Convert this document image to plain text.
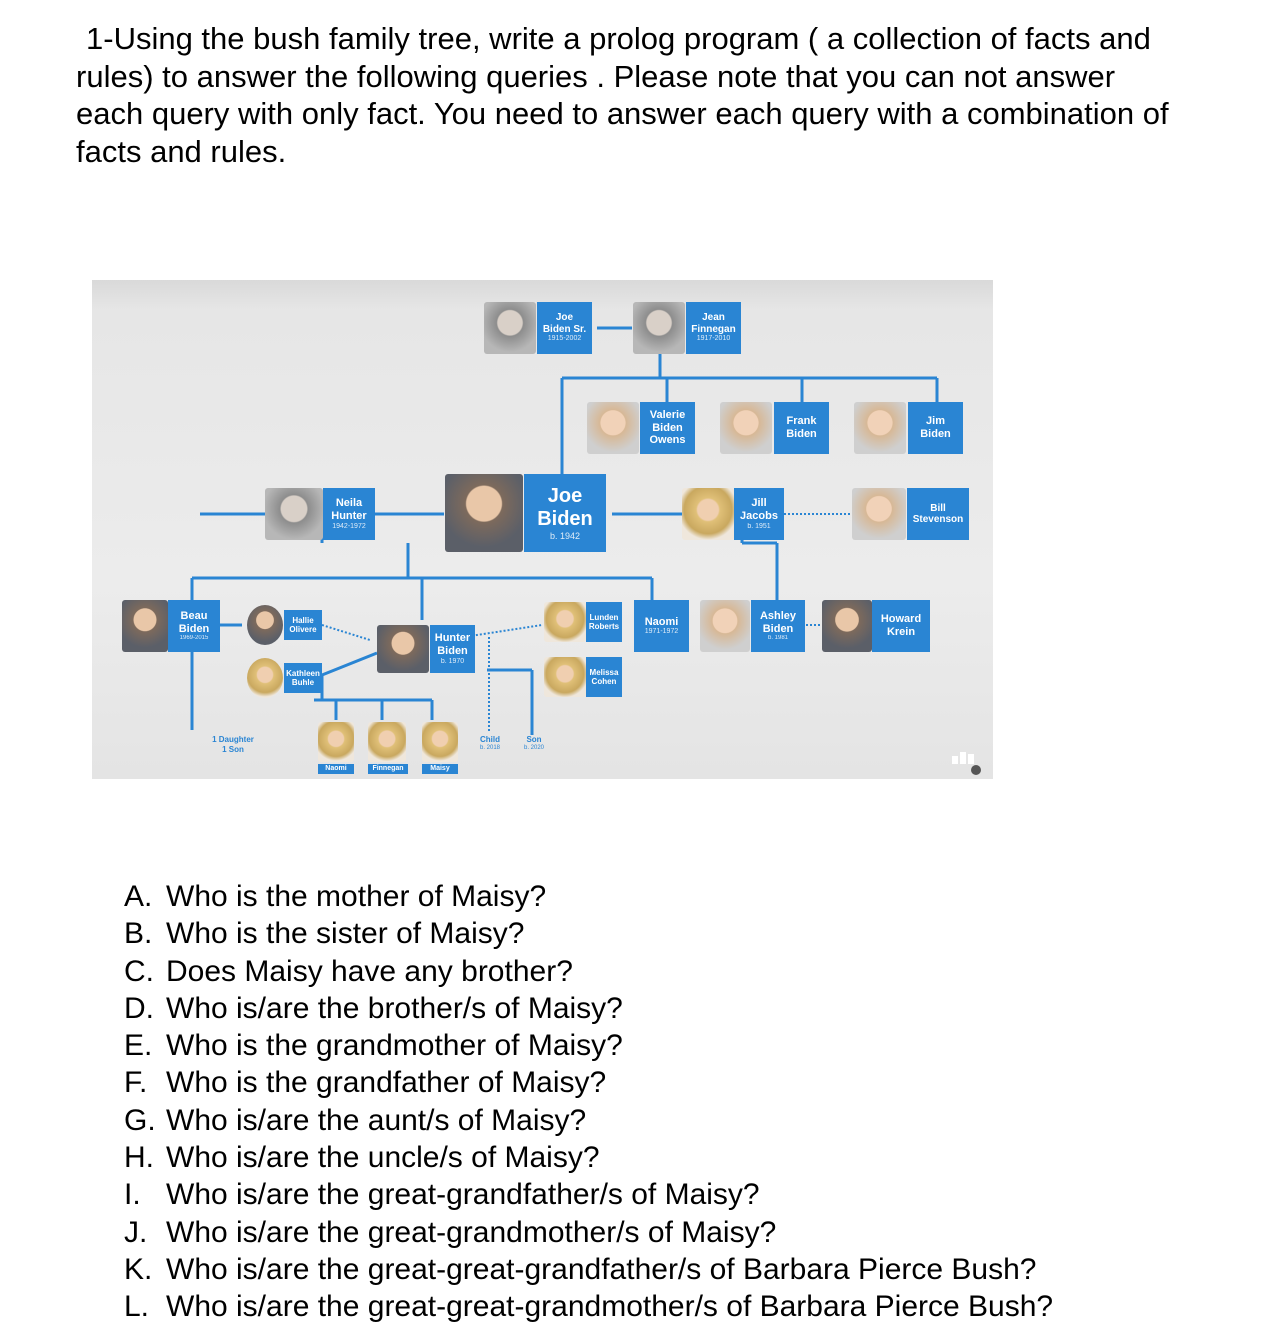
1-Using the bush family tree, write a prolog program ( a collection of facts and
rules) to answer the following queries . Please note that you can not answer
each query with only fact. You need to answer each query with a combination of
facts and rules.
Joe
Biden Sr.
1915-2002
Jean
Finnegan
1917-2010
Valerie
Biden
Owens
Frank
Biden
Jim
Biden
Neila
Hunter
1942-1972
Joe
Biden
b. 1942
Jill
Jacobs
b. 1951
Bill
Stevenson
Beau
Biden
1969-2015
Hallie
Olivere
Kathleen
Buhle
Hunter
Biden
b. 1970
Lunden
Roberts
Melissa
Cohen
Naomi
1971-1972
Ashley
Biden
b. 1981
Howard
Krein
1 Daughter
1 Son
Naomi	Finnegan	Maisy
Child
b. 2018
Son
b. 2020
A. Who is the mother of Maisy?
B. Who is the sister of Maisy?
C. Does Maisy have any brother?
D. Who is/are the brother/s of Maisy?
E. Who is the grandmother of Maisy?
F. Who is the grandfather of Maisy?
G. Who is/are the aunt/s of Maisy?
H. Who is/are the uncle/s of Maisy?
I. Who is/are the great-grandfather/s of Maisy?
J. Who is/are the great-grandmother/s of Maisy?
K. Who is/are the great-great-grandfather/s of Barbara Pierce Bush?
L. Who is/are the great-great-grandmother/s of Barbara Pierce Bush?
